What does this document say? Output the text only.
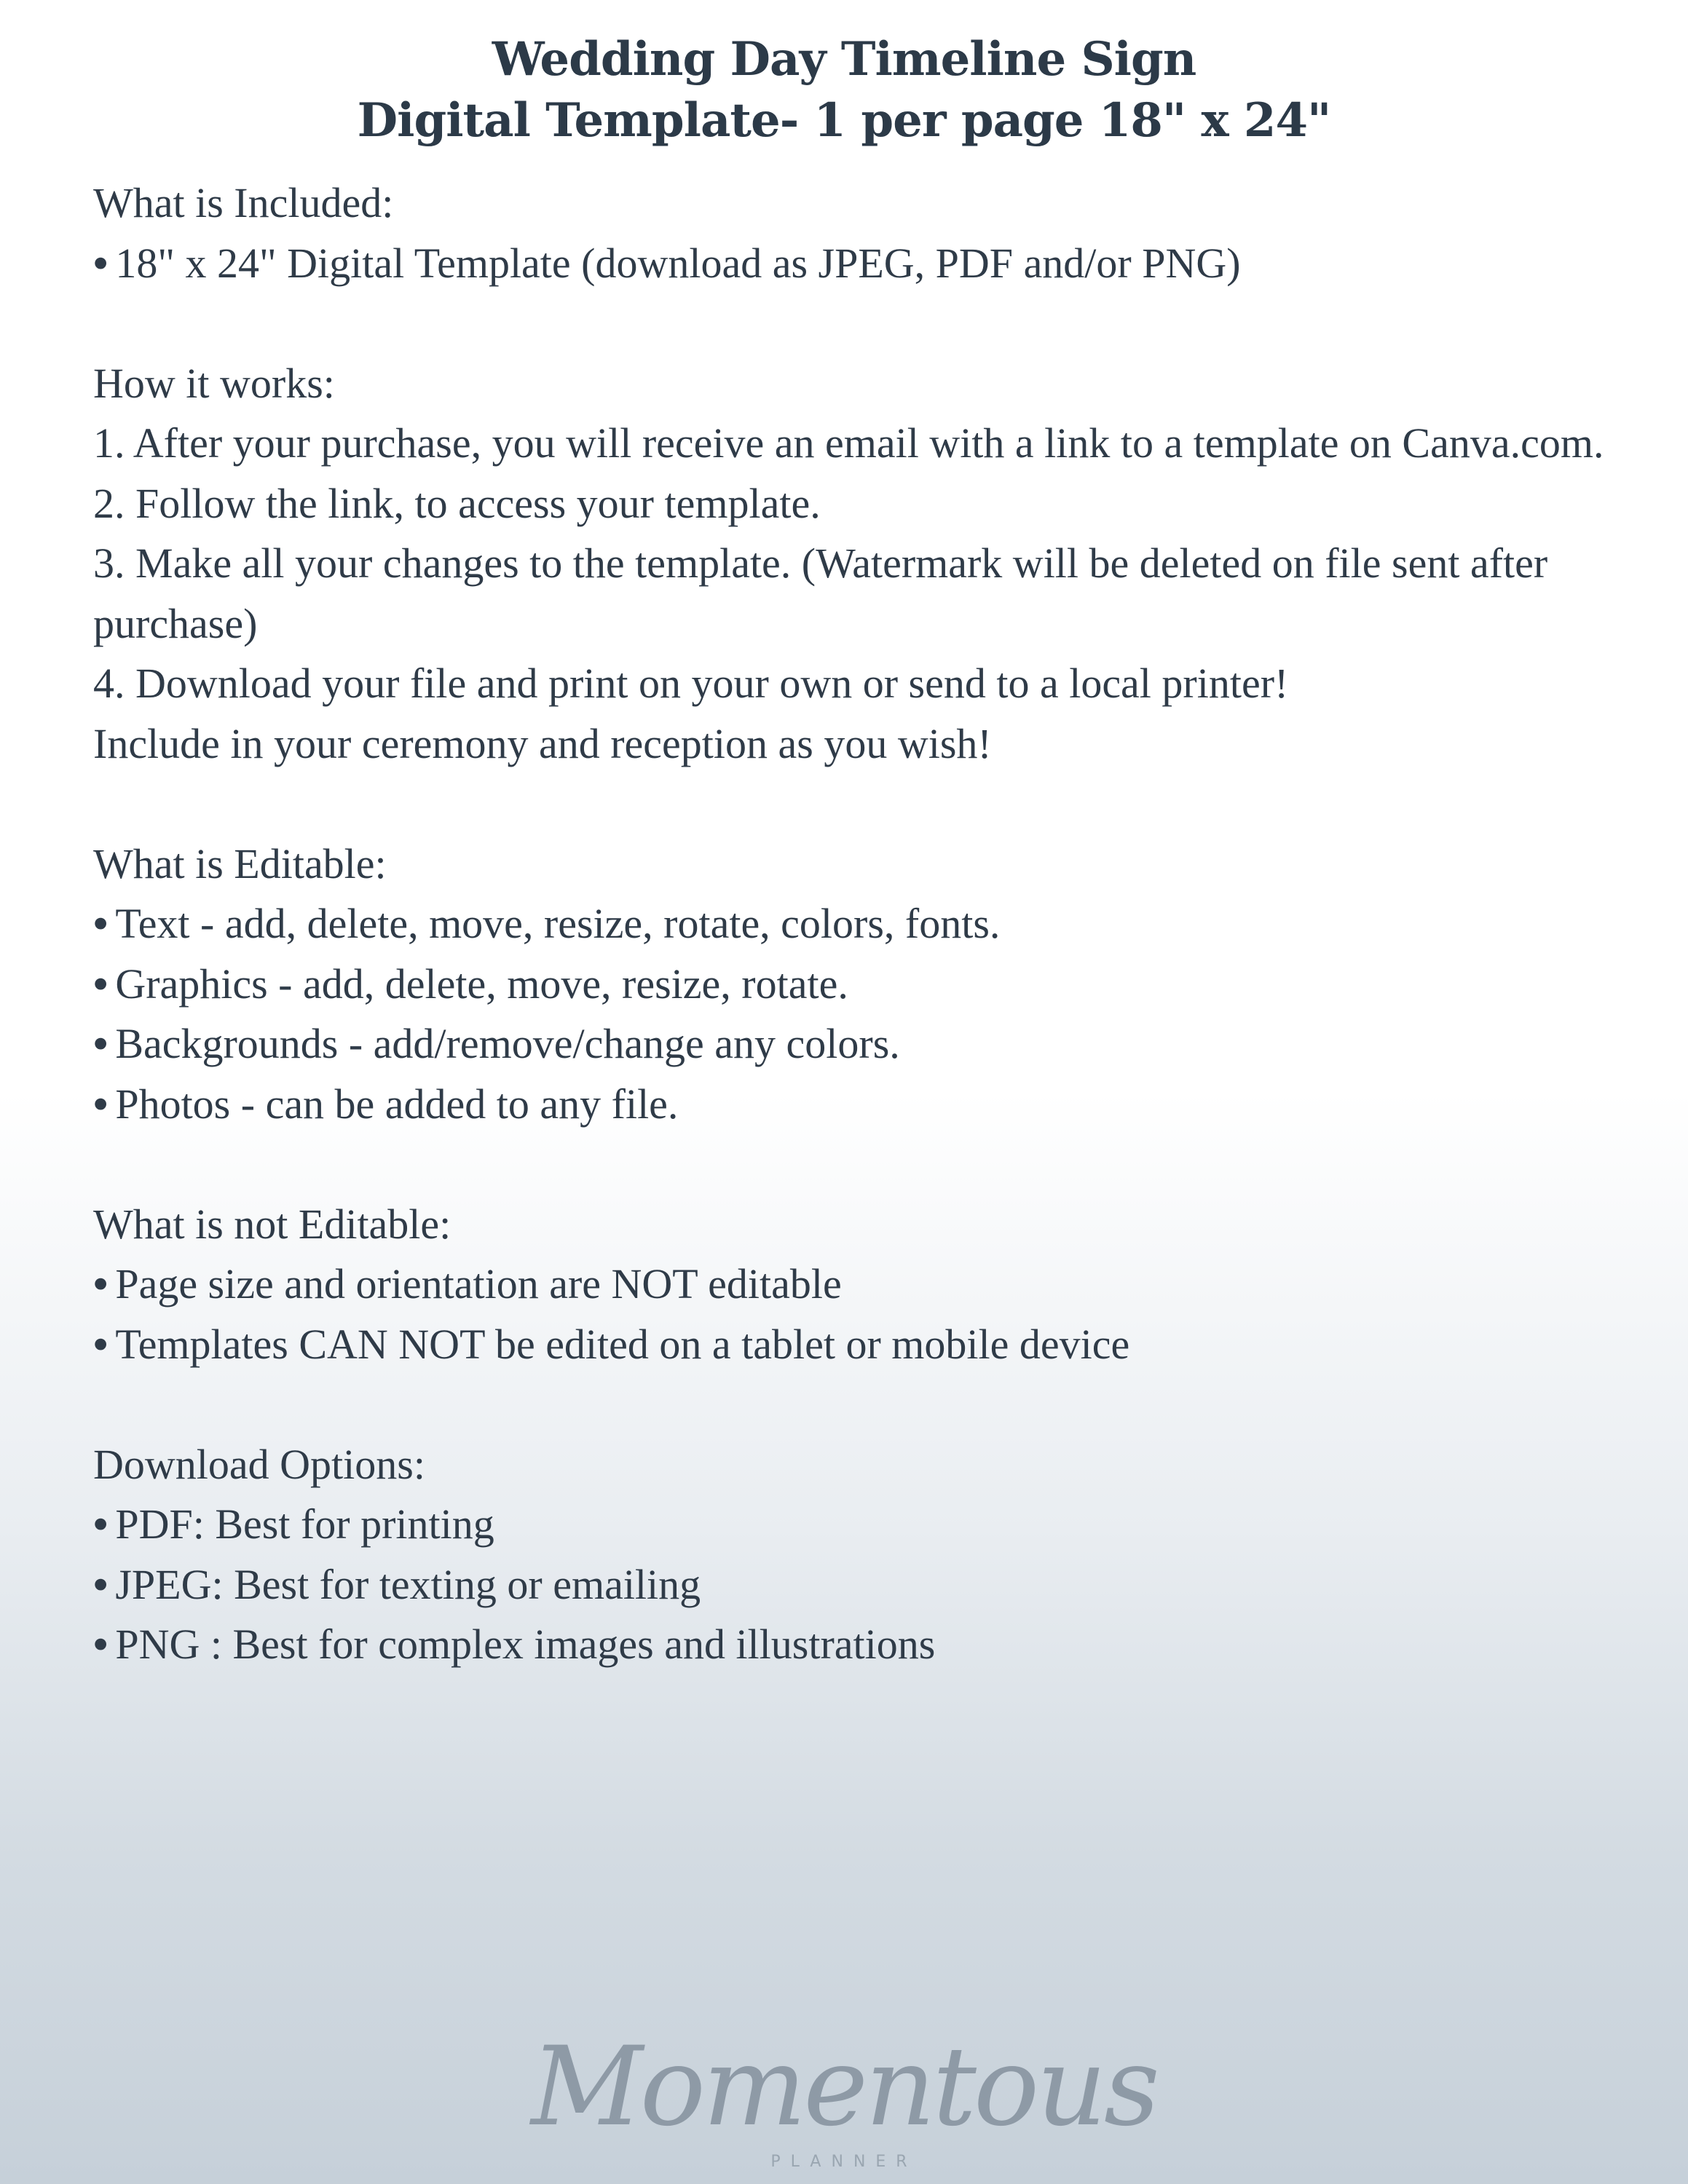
Wedding Day Timeline Sign
Digital Template- 1 per page 18" x 24"
What is Included:
• 18" x 24" Digital Template (download as JPEG, PDF and/or PNG)
How it works:
1. After your purchase, you will receive an email with a link to a template on Canva.com.
2. Follow the link, to access your template.
3. Make all your changes to the template. (Watermark will be deleted on file sent after purchase)
4. Download your file and print on your own or send to a local printer!
Include in your ceremony and reception as you wish!
What is Editable:
• Text - add, delete, move, resize, rotate, colors, fonts.
• Graphics - add, delete, move, resize, rotate.
• Backgrounds - add/remove/change any colors.
• Photos - can be added to any file.
What is not Editable:
• Page size and orientation are NOT editable
• Templates CAN NOT be edited on a tablet or mobile device
Download Options:
• PDF: Best for printing
• JPEG: Best for texting or emailing
• PNG : Best for complex images and illustrations
Momentous
PLANNER
